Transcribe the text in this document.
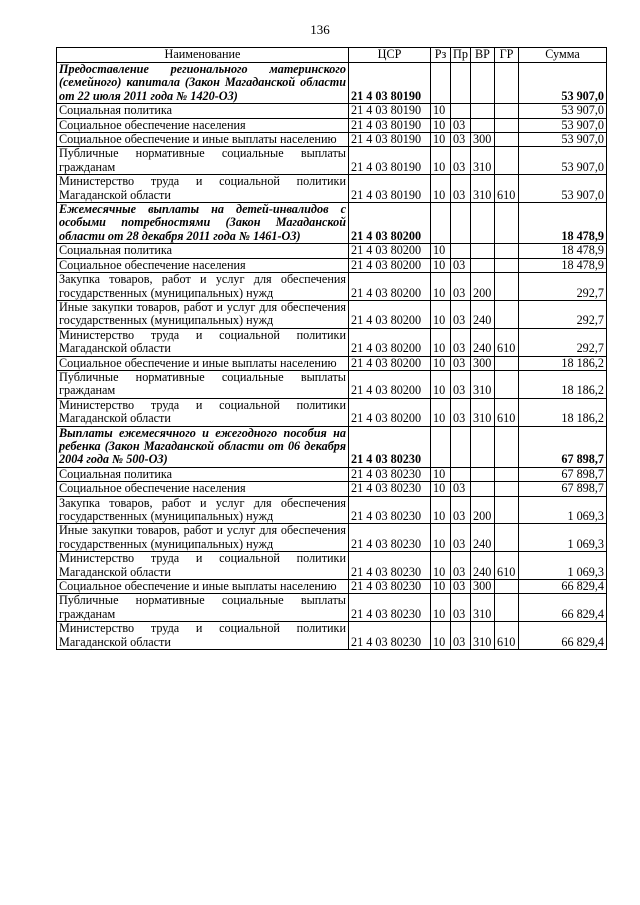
136
Наименование	ЦСР	Рз	Пр	ВР	ГР	Сумма
Предоставление регионального материнского (семейного) капитала (Закон Магаданской области от 22 июля 2011 года № 1420-ОЗ)	21 4 03 80190					53 907,0
Социальная политика	21 4 03 80190	10				53 907,0
Социальное обеспечение населения	21 4 03 80190	10	03			53 907,0
Социальное обеспечение и иные выплаты населению	21 4 03 80190	10	03	300		53 907,0
Публичные нормативные социальные выплаты гражданам	21 4 03 80190	10	03	310		53 907,0
Министерство труда и социальной политики Магаданской области	21 4 03 80190	10	03	310	610	53 907,0
Ежемесячные выплаты на детей-инвалидов с особыми потребностями (Закон Магаданской области от 28 декабря 2011 года № 1461-ОЗ)	21 4 03 80200					18 478,9
Социальная политика	21 4 03 80200	10				18 478,9
Социальное обеспечение населения	21 4 03 80200	10	03			18 478,9
Закупка товаров, работ и услуг для обеспечения государственных (муниципальных) нужд	21 4 03 80200	10	03	200		292,7
Иные закупки товаров, работ и услуг для обеспечения государственных (муниципальных) нужд	21 4 03 80200	10	03	240		292,7
Министерство труда и социальной политики Магаданской области	21 4 03 80200	10	03	240	610	292,7
Социальное обеспечение и иные выплаты населению	21 4 03 80200	10	03	300		18 186,2
Публичные нормативные социальные выплаты гражданам	21 4 03 80200	10	03	310		18 186,2
Министерство труда и социальной политики Магаданской области	21 4 03 80200	10	03	310	610	18 186,2
Выплаты ежемесячного и ежегодного пособия на ребенка (Закон Магаданской области от 06 декабря 2004 года № 500-ОЗ)	21 4 03 80230					67 898,7
Социальная политика	21 4 03 80230	10				67 898,7
Социальное обеспечение населения	21 4 03 80230	10	03			67 898,7
Закупка товаров, работ и услуг для обеспечения государственных (муниципальных) нужд	21 4 03 80230	10	03	200		1 069,3
Иные закупки товаров, работ и услуг для обеспечения государственных (муниципальных) нужд	21 4 03 80230	10	03	240		1 069,3
Министерство труда и социальной политики Магаданской области	21 4 03 80230	10	03	240	610	1 069,3
Социальное обеспечение и иные выплаты населению	21 4 03 80230	10	03	300		66 829,4
Публичные нормативные социальные выплаты гражданам	21 4 03 80230	10	03	310		66 829,4
Министерство труда и социальной политики Магаданской области	21 4 03 80230	10	03	310	610	66 829,4
